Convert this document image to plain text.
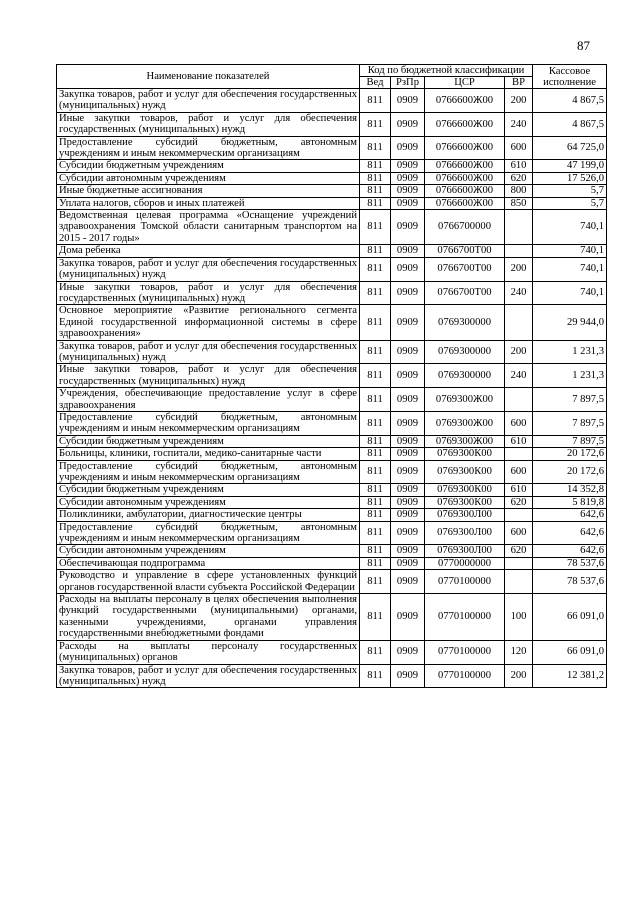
87
Наименование показателей	Код по бюджетной классификации				Кассовое исполнение
	Вед	РзПр	ЦСР	ВР	
Закупка товаров, работ и услуг для обеспечения государственных (муниципальных) нужд	811	0909	0766600Ж00	200	4 867,5
Иные закупки товаров, работ и услуг для обеспечения государственных (муниципальных) нужд	811	0909	0766600Ж00	240	4 867,5
Предоставление субсидий бюджетным, автономным учреждениям и иным некоммерческим организациям	811	0909	0766600Ж00	600	64 725,0
Субсидии бюджетным учреждениям	811	0909	0766600Ж00	610	47 199,0
Субсидии автономным учреждениям	811	0909	0766600Ж00	620	17 526,0
Иные бюджетные ассигнования	811	0909	0766600Ж00	800	5,7
Уплата налогов, сборов и иных платежей	811	0909	0766600Ж00	850	5,7
Ведомственная целевая программа «Оснащение учреждений здравоохранения Томской области санитарным транспортом на 2015 - 2017 годы»	811	0909	0766700000		740,1
Дома ребенка	811	0909	0766700Т00		740,1
Закупка товаров, работ и услуг для обеспечения государственных (муниципальных) нужд	811	0909	0766700Т00	200	740,1
Иные закупки товаров, работ и услуг для обеспечения государственных (муниципальных) нужд	811	0909	0766700Т00	240	740,1
Основное мероприятие «Развитие регионального сегмента Единой государственной информационной системы в сфере здравоохранения»	811	0909	0769300000		29 944,0
Закупка товаров, работ и услуг для обеспечения государственных (муниципальных) нужд	811	0909	0769300000	200	1 231,3
Иные закупки товаров, работ и услуг для обеспечения государственных (муниципальных) нужд	811	0909	0769300000	240	1 231,3
Учреждения, обеспечивающие предоставление услуг в сфере здравоохранения	811	0909	0769300Ж00		7 897,5
Предоставление субсидий бюджетным, автономным учреждениям и иным некоммерческим организациям	811	0909	0769300Ж00	600	7 897,5
Субсидии бюджетным учреждениям	811	0909	0769300Ж00	610	7 897,5
Больницы, клиники, госпитали, медико-санитарные части	811	0909	0769300К00		20 172,6
Предоставление субсидий бюджетным, автономным учреждениям и иным некоммерческим организациям	811	0909	0769300К00	600	20 172,6
Субсидии бюджетным учреждениям	811	0909	0769300К00	610	14 352,8
Субсидии автономным учреждениям	811	0909	0769300К00	620	5 819,8
Поликлиники, амбулатории, диагностические центры	811	0909	0769300Л00		642,6
Предоставление субсидий бюджетным, автономным учреждениям и иным некоммерческим организациям	811	0909	0769300Л00	600	642,6
Субсидии автономным учреждениям	811	0909	0769300Л00	620	642,6
Обеспечивающая подпрограмма	811	0909	0770000000		78 537,6
Руководство и управление в сфере установленных функций органов государственной власти субъекта Российской Федерации	811	0909	0770100000		78 537,6
Расходы на выплаты персоналу в целях обеспечения выполнения функций государственными (муниципальными) органами, казенными учреждениями, органами управления государственными внебюджетными фондами	811	0909	0770100000	100	66 091,0
Расходы на выплаты персоналу государственных (муниципальных) органов	811	0909	0770100000	120	66 091,0
Закупка товаров, работ и услуг для обеспечения государственных (муниципальных) нужд	811	0909	0770100000	200	12 381,2
